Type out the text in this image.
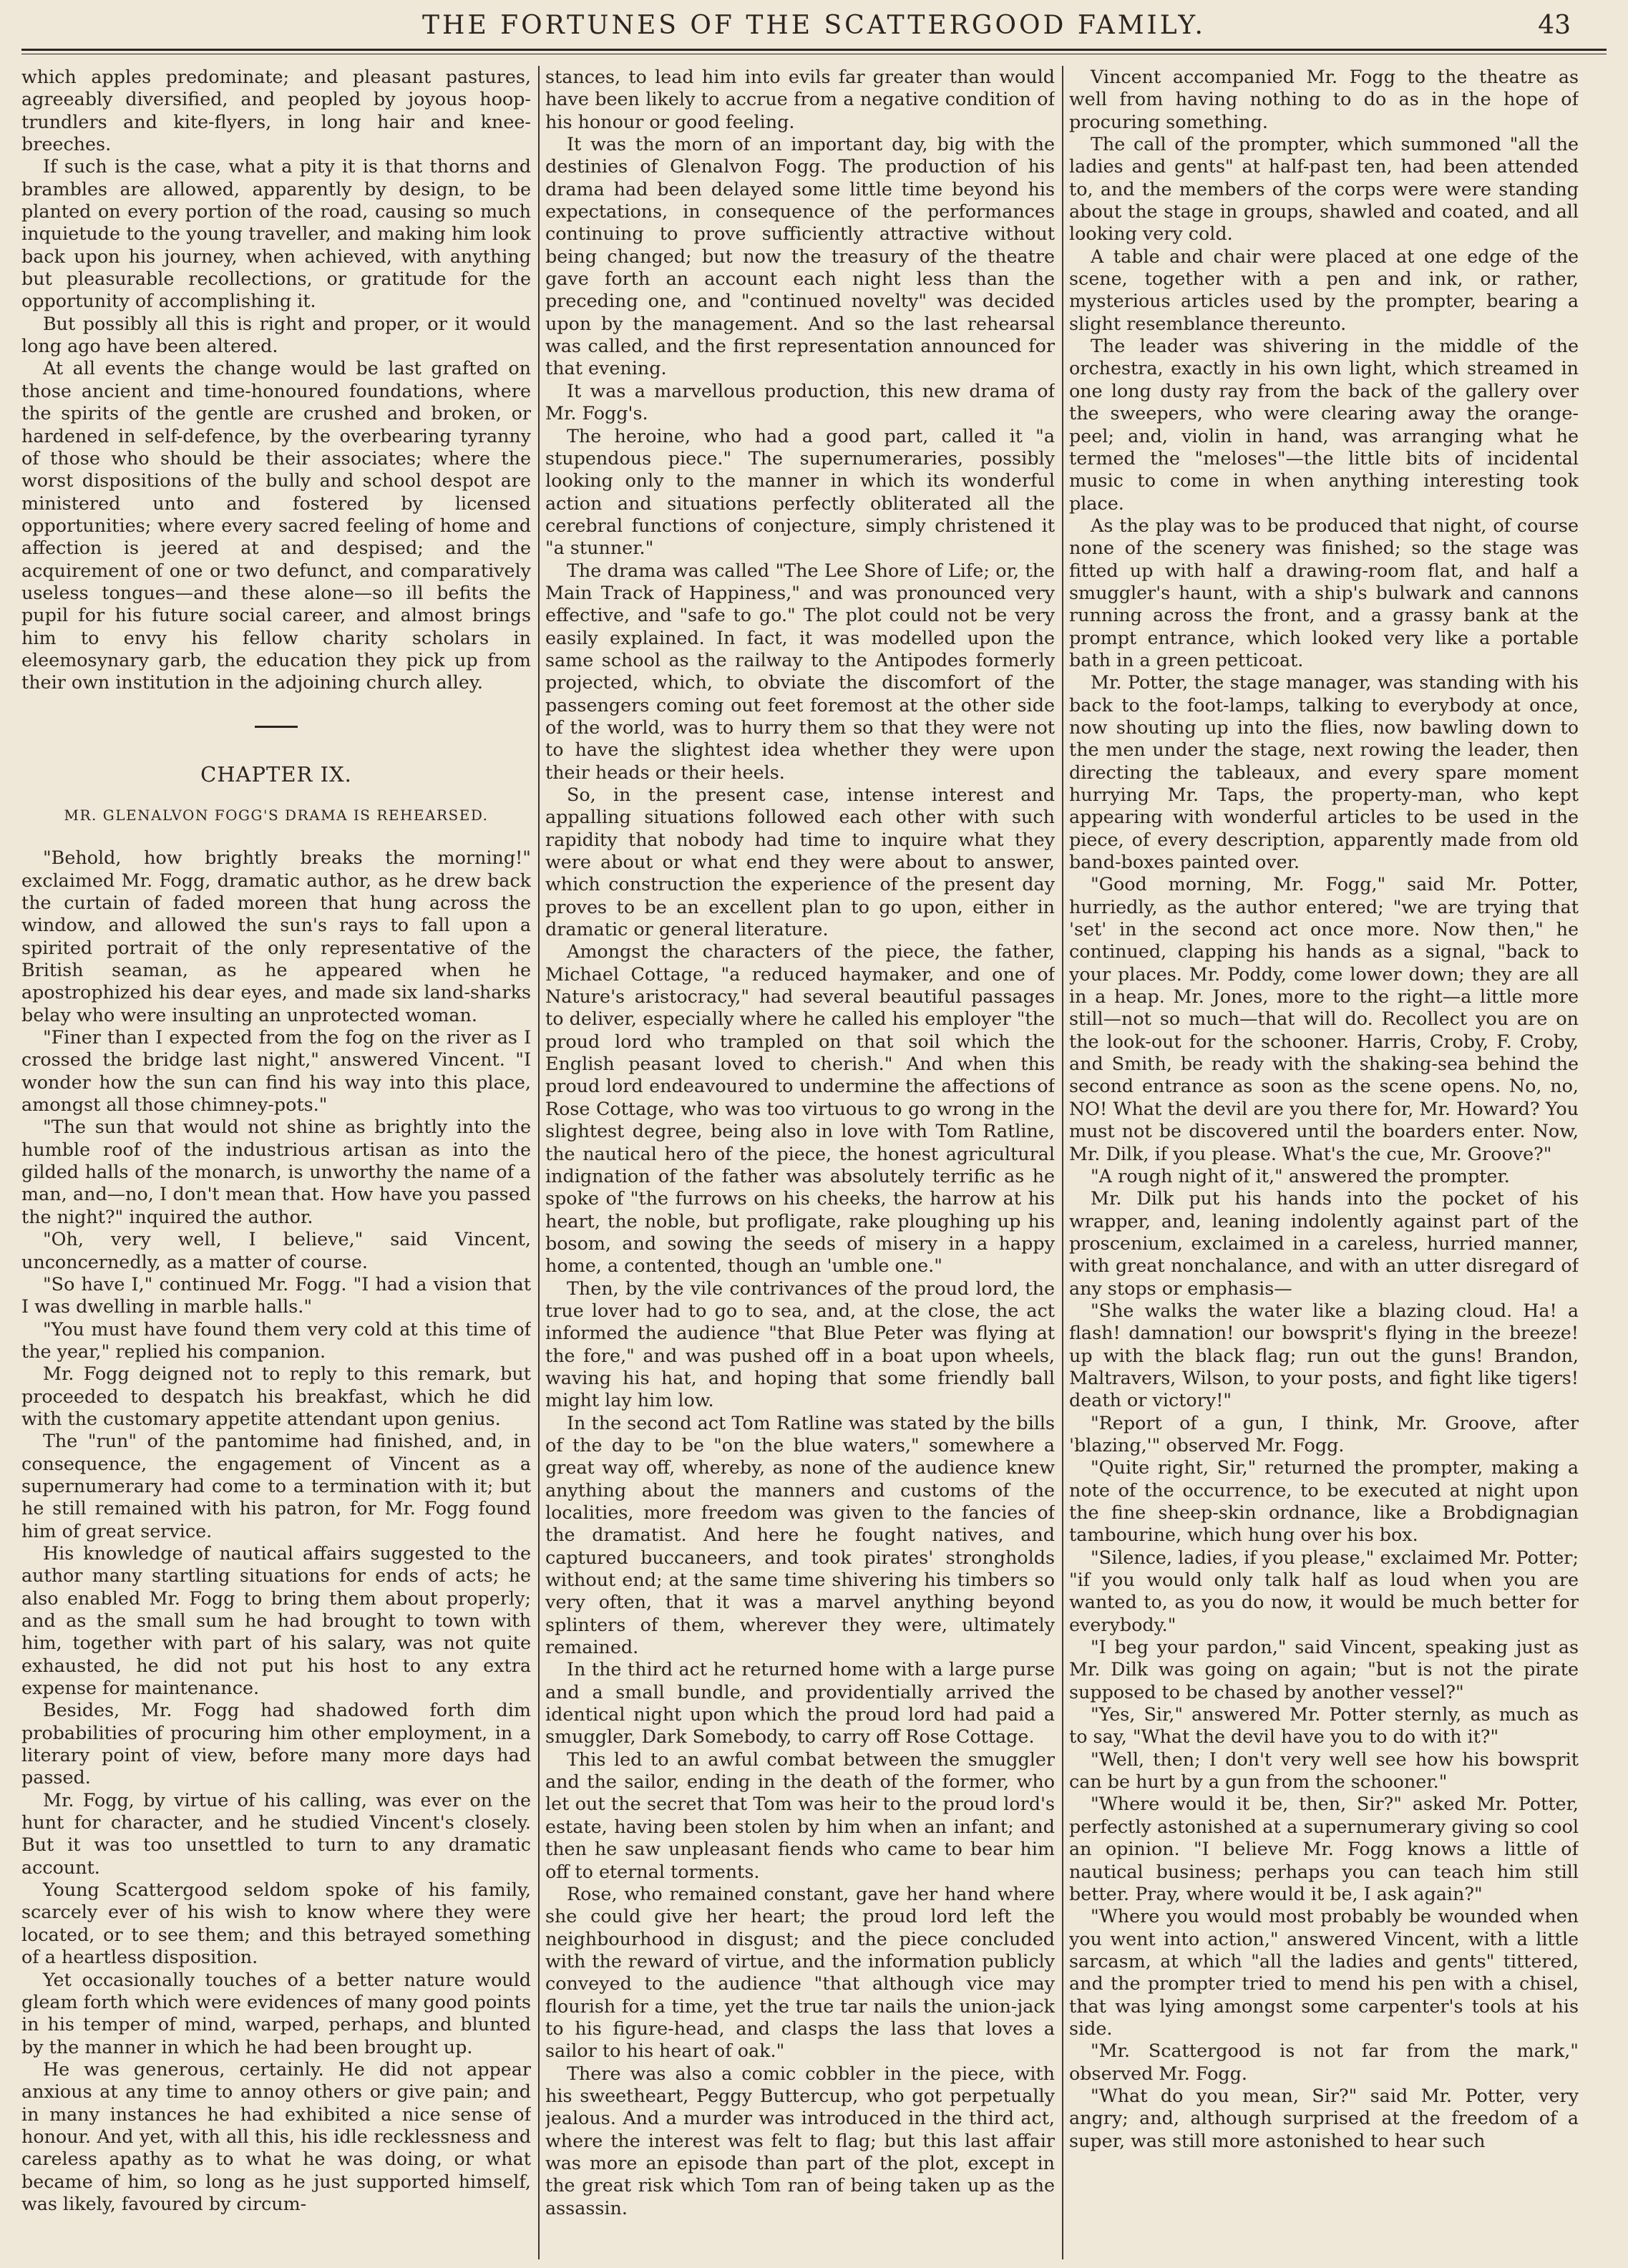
THE FORTUNES OF THE SCATTERGOOD FAMILY.	43

which apples predominate; and pleasant pastures, agreeably diversified, and peopled by joyous hoop-trundlers and kite-flyers, in long hair and knee-breeches.

If such is the case, what a pity it is that thorns and brambles are allowed, apparently by design, to be planted on every portion of the road, causing so much inquietude to the young traveller, and making him look back upon his journey, when achieved, with anything but pleasurable recollections, or gratitude for the opportunity of accomplishing it.

But possibly all this is right and proper, or it would long ago have been altered.

At all events the change would be last grafted on those ancient and time-honoured foundations, where the spirits of the gentle are crushed and broken, or hardened in self-defence, by the overbearing tyranny of those who should be their associates; where the worst dispositions of the bully and school despot are ministered unto and fostered by licensed opportunities; where every sacred feeling of home and affection is jeered at and despised; and the acquirement of one or two defunct, and comparatively useless tongues—and these alone—so ill befits the pupil for his future social career, and almost brings him to envy his fellow charity scholars in eleemosynary garb, the education they pick up from their own institution in the adjoining church alley.

CHAPTER IX.
MR. GLENALVON FOGG'S DRAMA IS REHEARSED.

"Behold, how brightly breaks the morning!" exclaimed Mr. Fogg, dramatic author, as he drew back the curtain of faded moreen that hung across the window, and allowed the sun's rays to fall upon a spirited portrait of the only representative of the British seaman, as he appeared when he apostrophized his dear eyes, and made six land-sharks belay who were insulting an unprotected woman.

"Finer than I expected from the fog on the river as I crossed the bridge last night," answered Vincent. "I wonder how the sun can find his way into this place, amongst all those chimney-pots."

"The sun that would not shine as brightly into the humble roof of the industrious artisan as into the gilded halls of the monarch, is unworthy the name of a man, and—no, I don't mean that. How have you passed the night?" inquired the author.

"Oh, very well, I believe," said Vincent, unconcernedly, as a matter of course.

"So have I," continued Mr. Fogg. "I had a vision that I was dwelling in marble halls."

"You must have found them very cold at this time of the year," replied his companion.

Mr. Fogg deigned not to reply to this remark, but proceeded to despatch his breakfast, which he did with the customary appetite attendant upon genius.

The "run" of the pantomime had finished, and, in consequence, the engagement of Vincent as a supernumerary had come to a termination with it; but he still remained with his patron, for Mr. Fogg found him of great service.

His knowledge of nautical affairs suggested to the author many startling situations for ends of acts; he also enabled Mr. Fogg to bring them about properly; and as the small sum he had brought to town with him, together with part of his salary, was not quite exhausted, he did not put his host to any extra expense for maintenance.

Besides, Mr. Fogg had shadowed forth dim probabilities of procuring him other employment, in a literary point of view, before many more days had passed.

Mr. Fogg, by virtue of his calling, was ever on the hunt for character, and he studied Vincent's closely. But it was too unsettled to turn to any dramatic account.

Young Scattergood seldom spoke of his family, scarcely ever of his wish to know where they were located, or to see them; and this betrayed something of a heartless disposition.

Yet occasionally touches of a better nature would gleam forth which were evidences of many good points in his temper of mind, warped, perhaps, and blunted by the manner in which he had been brought up.

He was generous, certainly. He did not appear anxious at any time to annoy others or give pain; and in many instances he had exhibited a nice sense of honour. And yet, with all this, his idle recklessness and careless apathy as to what he was doing, or what became of him, so long as he just supported himself, was likely, favoured by circum-

stances, to lead him into evils far greater than would have been likely to accrue from a negative condition of his honour or good feeling.

It was the morn of an important day, big with the destinies of Glenalvon Fogg. The production of his drama had been delayed some little time beyond his expectations, in consequence of the performances continuing to prove sufficiently attractive without being changed; but now the treasury of the theatre gave forth an account each night less than the preceding one, and "continued novelty" was decided upon by the management. And so the last rehearsal was called, and the first representation announced for that evening.

It was a marvellous production, this new drama of Mr. Fogg's.

The heroine, who had a good part, called it "a stupendous piece." The supernumeraries, possibly looking only to the manner in which its wonderful action and situations perfectly obliterated all the cerebral functions of conjecture, simply christened it "a stunner."

The drama was called "The Lee Shore of Life; or, the Main Track of Happiness," and was pronounced very effective, and "safe to go." The plot could not be very easily explained. In fact, it was modelled upon the same school as the railway to the Antipodes formerly projected, which, to obviate the discomfort of the passengers coming out feet foremost at the other side of the world, was to hurry them so that they were not to have the slightest idea whether they were upon their heads or their heels.

So, in the present case, intense interest and appalling situations followed each other with such rapidity that nobody had time to inquire what they were about or what end they were about to answer, which construction the experience of the present day proves to be an excellent plan to go upon, either in dramatic or general literature.

Amongst the characters of the piece, the father, Michael Cottage, "a reduced haymaker, and one of Nature's aristocracy," had several beautiful passages to deliver, especially where he called his employer "the proud lord who trampled on that soil which the English peasant loved to cherish." And when this proud lord endeavoured to undermine the affections of Rose Cottage, who was too virtuous to go wrong in the slightest degree, being also in love with Tom Ratline, the nautical hero of the piece, the honest agricultural indignation of the father was absolutely terrific as he spoke of "the furrows on his cheeks, the harrow at his heart, the noble, but profligate, rake ploughing up his bosom, and sowing the seeds of misery in a happy home, a contented, though an 'umble one."

Then, by the vile contrivances of the proud lord, the true lover had to go to sea, and, at the close, the act informed the audience "that Blue Peter was flying at the fore," and was pushed off in a boat upon wheels, waving his hat, and hoping that some friendly ball might lay him low.

In the second act Tom Ratline was stated by the bills of the day to be "on the blue waters," somewhere a great way off, whereby, as none of the audience knew anything about the manners and customs of the localities, more freedom was given to the fancies of the dramatist. And here he fought natives, and captured buccaneers, and took pirates' strongholds without end; at the same time shivering his timbers so very often, that it was a marvel anything beyond splinters of them, wherever they were, ultimately remained.

In the third act he returned home with a large purse and a small bundle, and providentially arrived the identical night upon which the proud lord had paid a smuggler, Dark Somebody, to carry off Rose Cottage.

This led to an awful combat between the smuggler and the sailor, ending in the death of the former, who let out the secret that Tom was heir to the proud lord's estate, having been stolen by him when an infant; and then he saw unpleasant fiends who came to bear him off to eternal torments.

Rose, who remained constant, gave her hand where she could give her heart; the proud lord left the neighbourhood in disgust; and the piece concluded with the reward of virtue, and the information publicly conveyed to the audience "that although vice may flourish for a time, yet the true tar nails the union-jack to his figure-head, and clasps the lass that loves a sailor to his heart of oak."

There was also a comic cobbler in the piece, with his sweetheart, Peggy Buttercup, who got perpetually jealous. And a murder was introduced in the third act, where the interest was felt to flag; but this last affair was more an episode than part of the plot, except in the great risk which Tom ran of being taken up as the assassin.

Vincent accompanied Mr. Fogg to the theatre as well from having nothing to do as in the hope of procuring something.

The call of the prompter, which summoned "all the ladies and gents" at half-past ten, had been attended to, and the members of the corps were were standing about the stage in groups, shawled and coated, and all looking very cold.

A table and chair were placed at one edge of the scene, together with a pen and ink, or rather, mysterious articles used by the prompter, bearing a slight resemblance thereunto.

The leader was shivering in the middle of the orchestra, exactly in his own light, which streamed in one long dusty ray from the back of the gallery over the sweepers, who were clearing away the orange-peel; and, violin in hand, was arranging what he termed the "meloses"—the little bits of incidental music to come in when anything interesting took place.

As the play was to be produced that night, of course none of the scenery was finished; so the stage was fitted up with half a drawing-room flat, and half a smuggler's haunt, with a ship's bulwark and cannons running across the front, and a grassy bank at the prompt entrance, which looked very like a portable bath in a green petticoat.

Mr. Potter, the stage manager, was standing with his back to the foot-lamps, talking to everybody at once, now shouting up into the flies, now bawling down to the men under the stage, next rowing the leader, then directing the tableaux, and every spare moment hurrying Mr. Taps, the property-man, who kept appearing with wonderful articles to be used in the piece, of every description, apparently made from old band-boxes painted over.

"Good morning, Mr. Fogg," said Mr. Potter, hurriedly, as the author entered; "we are trying that 'set' in the second act once more. Now then," he continued, clapping his hands as a signal, "back to your places. Mr. Poddy, come lower down; they are all in a heap. Mr. Jones, more to the right—a little more still—not so much—that will do. Recollect you are on the look-out for the schooner. Harris, Croby, F. Croby, and Smith, be ready with the shaking-sea behind the second entrance as soon as the scene opens. No, no, NO! What the devil are you there for, Mr. Howard? You must not be discovered until the boarders enter. Now, Mr. Dilk, if you please. What's the cue, Mr. Groove?"

"A rough night of it," answered the prompter.

Mr. Dilk put his hands into the pocket of his wrapper, and, leaning indolently against part of the proscenium, exclaimed in a careless, hurried manner, with great nonchalance, and with an utter disregard of any stops or emphasis—

"She walks the water like a blazing cloud. Ha! a flash! damnation! our bowsprit's flying in the breeze! up with the black flag; run out the guns! Brandon, Maltravers, Wilson, to your posts, and fight like tigers! death or victory!"

"Report of a gun, I think, Mr. Groove, after 'blazing,'" observed Mr. Fogg.

"Quite right, Sir," returned the prompter, making a note of the occurrence, to be executed at night upon the fine sheep-skin ordnance, like a Brobdignagian tambourine, which hung over his box.

"Silence, ladies, if you please," exclaimed Mr. Potter; "if you would only talk half as loud when you are wanted to, as you do now, it would be much better for everybody."

"I beg your pardon," said Vincent, speaking just as Mr. Dilk was going on again; "but is not the pirate supposed to be chased by another vessel?"

"Yes, Sir," answered Mr. Potter sternly, as much as to say, "What the devil have you to do with it?"

"Well, then; I don't very well see how his bowsprit can be hurt by a gun from the schooner."

"Where would it be, then, Sir?" asked Mr. Potter, perfectly astonished at a supernumerary giving so cool an opinion. "I believe Mr. Fogg knows a little of nautical business; perhaps you can teach him still better. Pray, where would it be, I ask again?"

"Where you would most probably be wounded when you went into action," answered Vincent, with a little sarcasm, at which "all the ladies and gents" tittered, and the prompter tried to mend his pen with a chisel, that was lying amongst some carpenter's tools at his side.

"Mr. Scattergood is not far from the mark," observed Mr. Fogg.

"What do you mean, Sir?" said Mr. Potter, very angry; and, although surprised at the freedom of a super, was still more astonished to hear such
